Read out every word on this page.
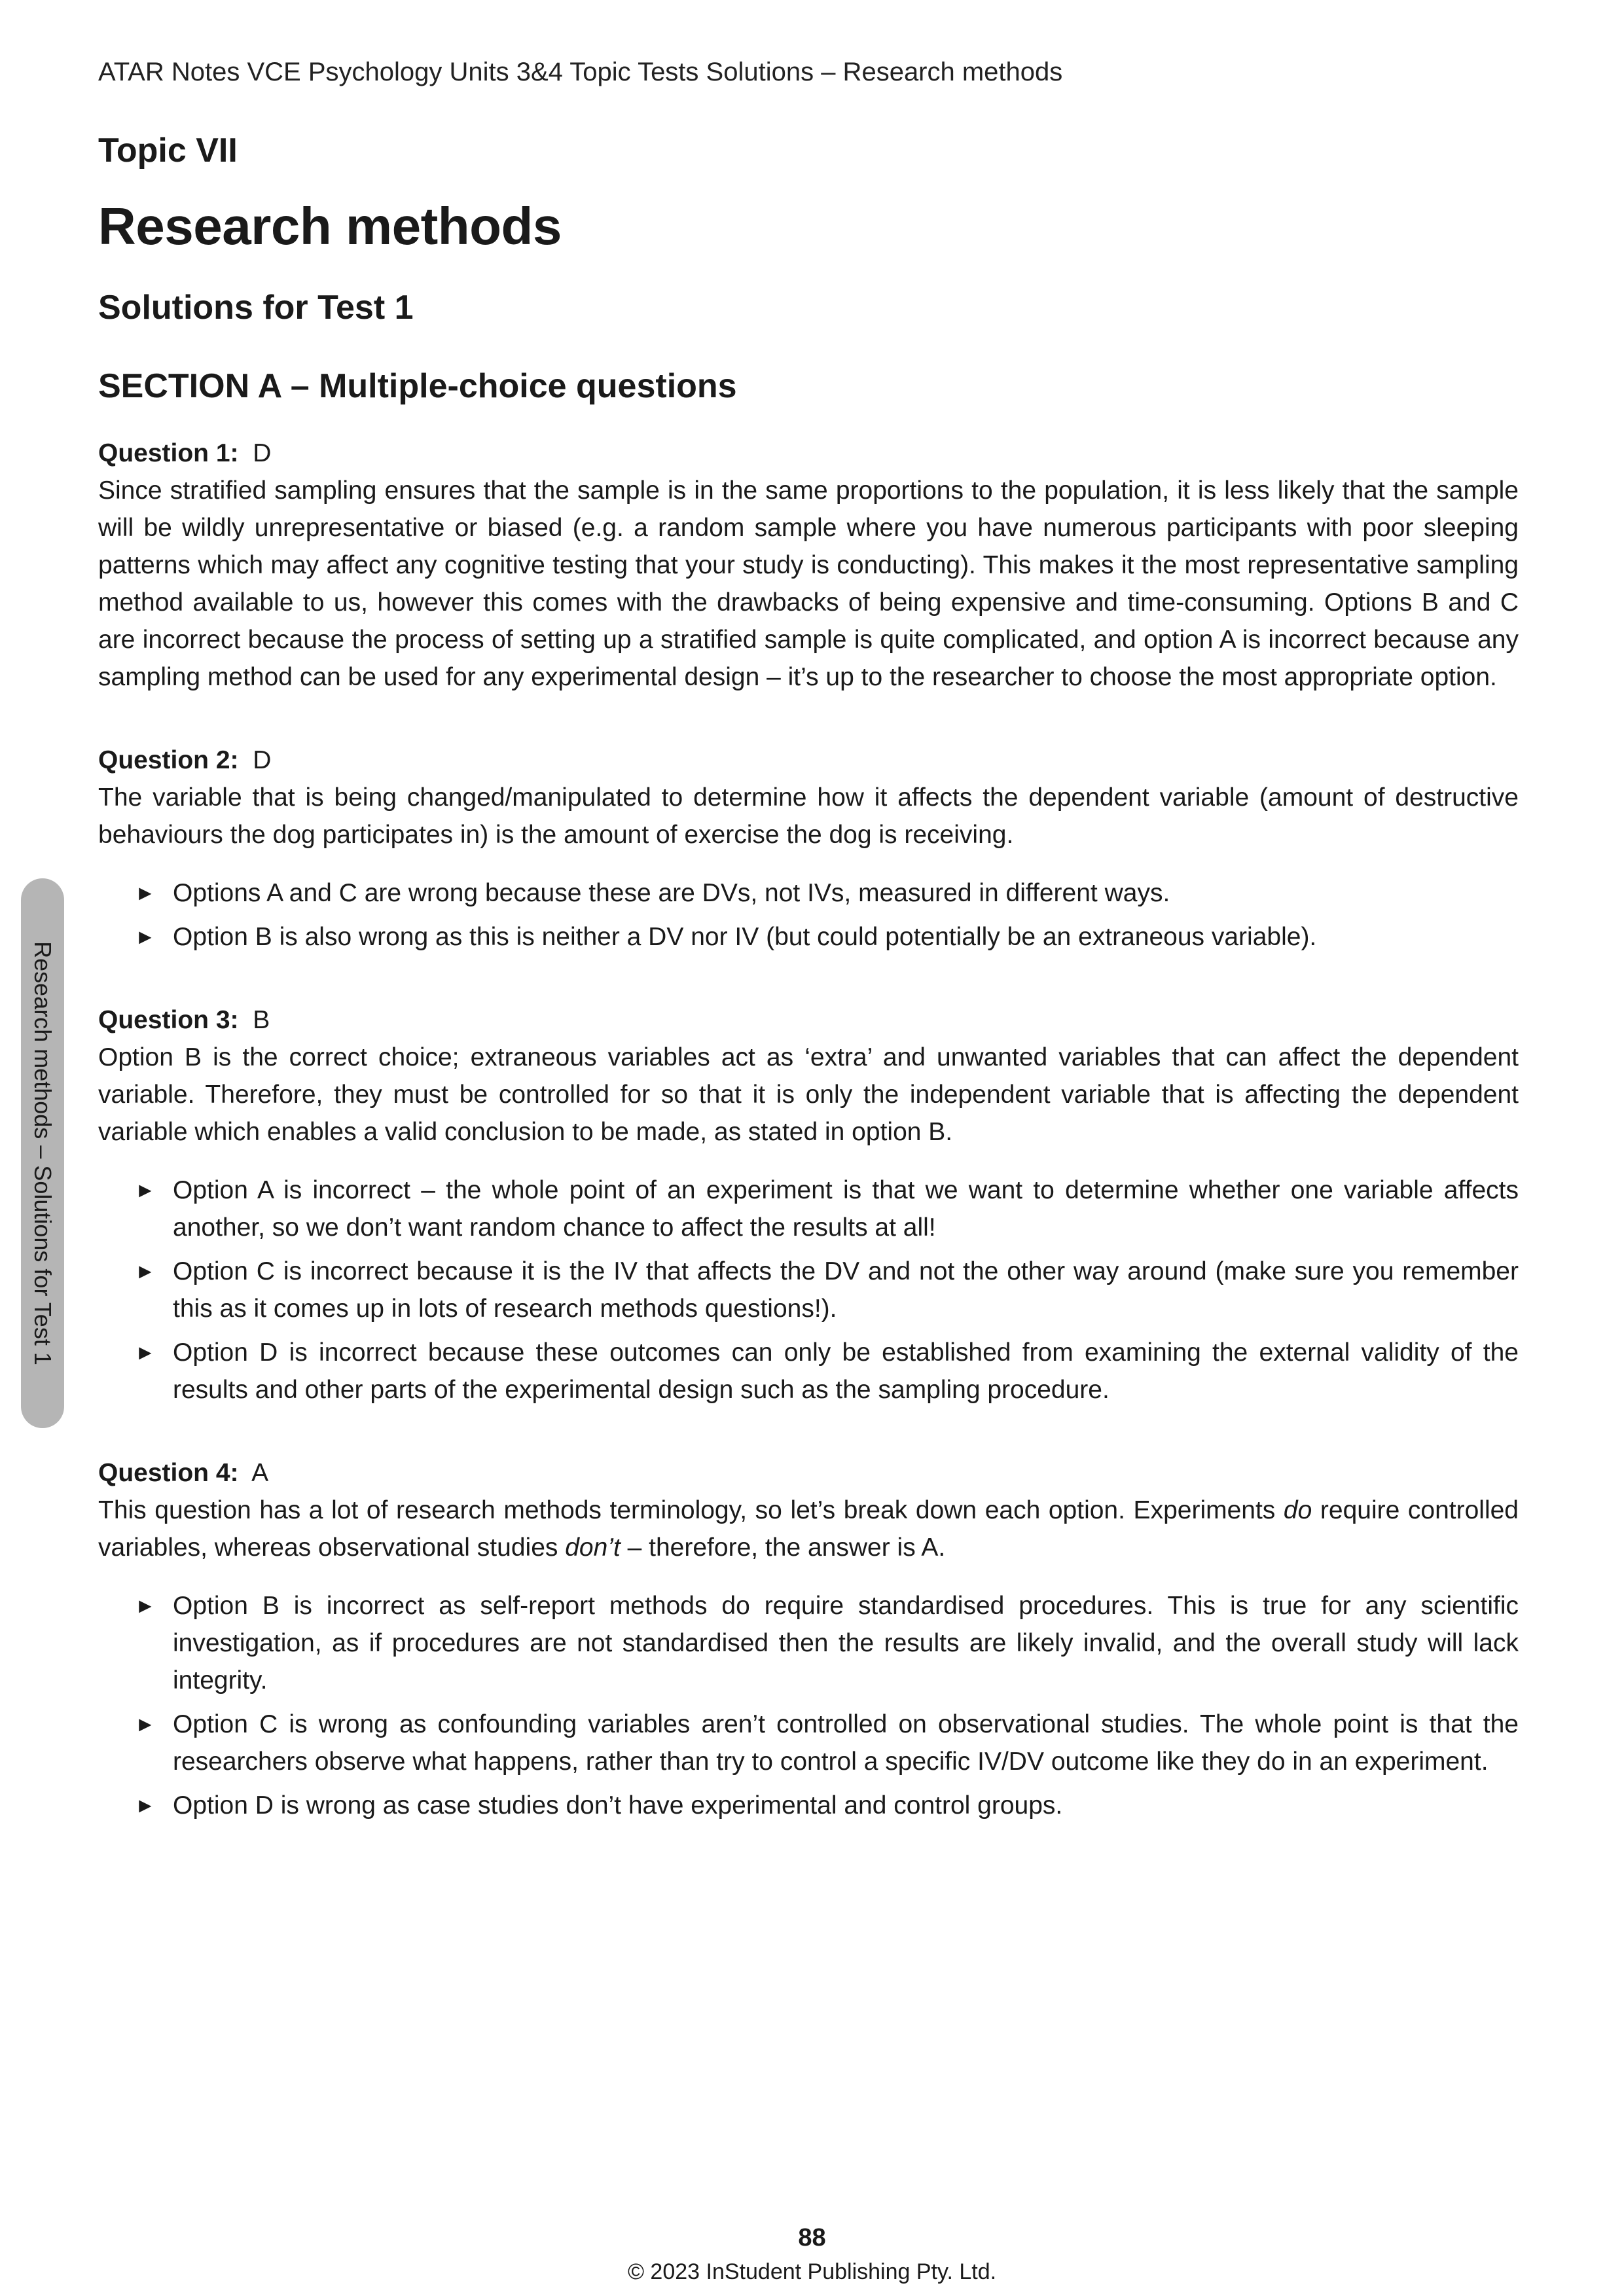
ATAR Notes VCE Psychology Units 3&4 Topic Tests Solutions – Research methods
Research methods – Solutions for Test 1
Topic VII
Research methods
Solutions for Test 1
SECTION A – Multiple-choice questions
Question 1: D

Since stratified sampling ensures that the sample is in the same proportions to the population, it is less likely that the sample will be wildly unrepresentative or biased (e.g. a random sample where you have numerous participants with poor sleeping patterns which may affect any cognitive testing that your study is conducting). This makes it the most representative sampling method available to us, however this comes with the drawbacks of being expensive and time-consuming. Options B and C are incorrect because the process of setting up a stratified sample is quite complicated, and option A is incorrect because any sampling method can be used for any experimental design – it’s up to the researcher to choose the most appropriate option.

Question 2: D

The variable that is being changed/manipulated to determine how it affects the dependent variable (amount of destructive behaviours the dog participates in) is the amount of exercise the dog is receiving.

► Options A and C are wrong because these are DVs, not IVs, measured in different ways.
► Option B is also wrong as this is neither a DV nor IV (but could potentially be an extraneous variable).
Question 3: B

Option B is the correct choice; extraneous variables act as ‘extra’ and unwanted variables that can affect the dependent variable. Therefore, they must be controlled for so that it is only the independent variable that is affecting the dependent variable which enables a valid conclusion to be made, as stated in option B.

► Option A is incorrect – the whole point of an experiment is that we want to determine whether one variable affects another, so we don’t want random chance to affect the results at all!
► Option C is incorrect because it is the IV that affects the DV and not the other way around (make sure you remember this as it comes up in lots of research methods questions!).
► Option D is incorrect because these outcomes can only be established from examining the external validity of the results and other parts of the experimental design such as the sampling procedure.
Question 4: A

This question has a lot of research methods terminology, so let’s break down each option. Experiments do require controlled variables, whereas observational studies don’t – therefore, the answer is A.

► Option B is incorrect as self-report methods do require standardised procedures. This is true for any scientific investigation, as if procedures are not standardised then the results are likely invalid, and the overall study will lack integrity.
► Option C is wrong as confounding variables aren’t controlled on observational studies. The whole point is that the researchers observe what happens, rather than try to control a specific IV/DV outcome like they do in an experiment.
► Option D is wrong as case studies don’t have experimental and control groups.
88
© 2023 InStudent Publishing Pty. Ltd.
